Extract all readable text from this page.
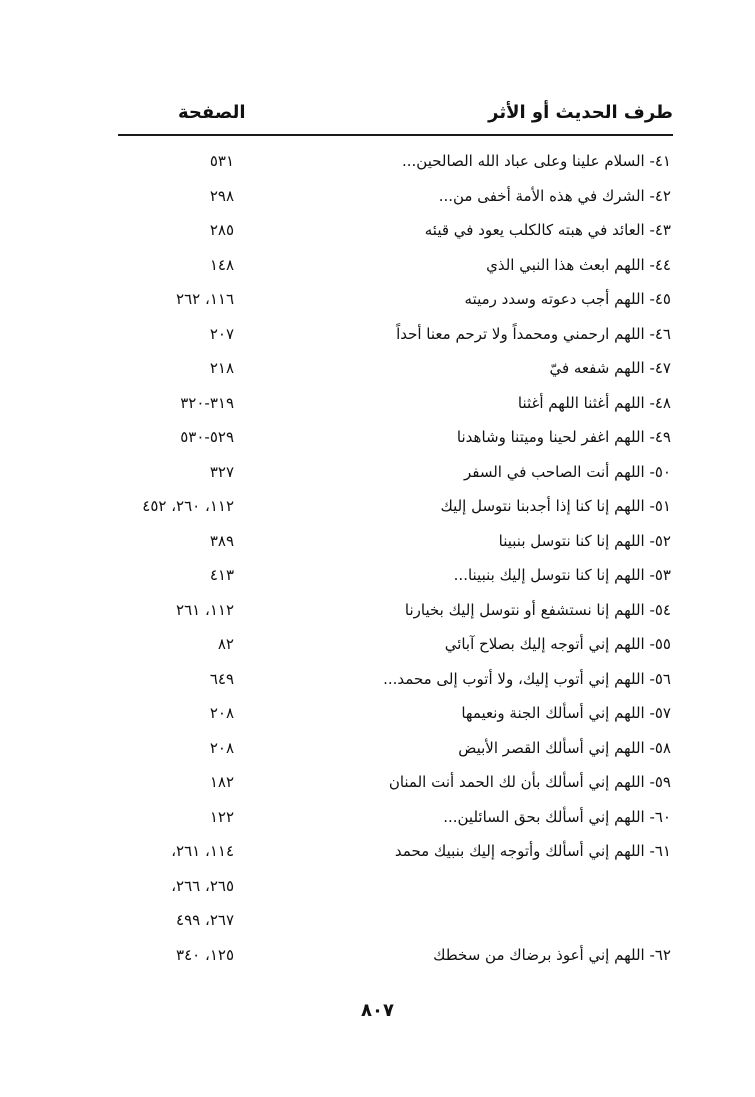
الصفحة	طرف الحديث أو الأثر
٤١- السلام علينا وعلى عباد الله الصالحين...
٥٣١
٤٢- الشرك في هذه الأمة أخفى من...
٢٩٨
٤٣- العائد في هبته كالكلب يعود في قيئه
٢٨٥
٤٤- اللهم ابعث هذا النبي الذي
١٤٨
٤٥- اللهم أجب دعوته وسدد رميته
١١٦، ٢٦٢
٤٦- اللهم ارحمني ومحمداً ولا ترحم معنا أحداً
٢٠٧
٤٧- اللهم شفعه فيّ
٢١٨
٤٨- اللهم أغثنا اللهم أغثنا
٣١٩-٣٢٠
٤٩- اللهم اغفر لحينا وميتنا وشاهدنا
٥٢٩-٥٣٠
٥٠- اللهم أنت الصاحب في السفر
٣٢٧
٥١- اللهم إنا كنا إذا أجدبنا نتوسل إليك
١١٢، ٢٦٠، ٤٥٢
٥٢- اللهم إنا كنا نتوسل بنبينا
٣٨٩
٥٣- اللهم إنا كنا نتوسل إليك بنبينا...
٤١٣
٥٤- اللهم إنا نستشفع أو نتوسل إليك بخيارنا
١١٢، ٢٦١
٥٥- اللهم إني أتوجه إليك بصلاح آبائي
٨٢
٥٦- اللهم إني أتوب إليك، ولا أتوب إلى محمد...
٦٤٩
٥٧- اللهم إني أسألك الجنة ونعيمها
٢٠٨
٥٨- اللهم إني أسألك القصر الأبيض
٢٠٨
٥٩- اللهم إني أسألك بأن لك الحمد أنت المنان
١٨٢
٦٠- اللهم إني أسألك بحق السائلين...
١٢٢
٦١- اللهم إني أسألك وأتوجه إليك بنبيك محمد
١١٤، ٢٦١،
٢٦٥، ٢٦٦،
٢٦٧، ٤٩٩
٦٢- اللهم إني أعوذ برضاك من سخطك
١٢٥، ٣٤٠
٨٠٧
